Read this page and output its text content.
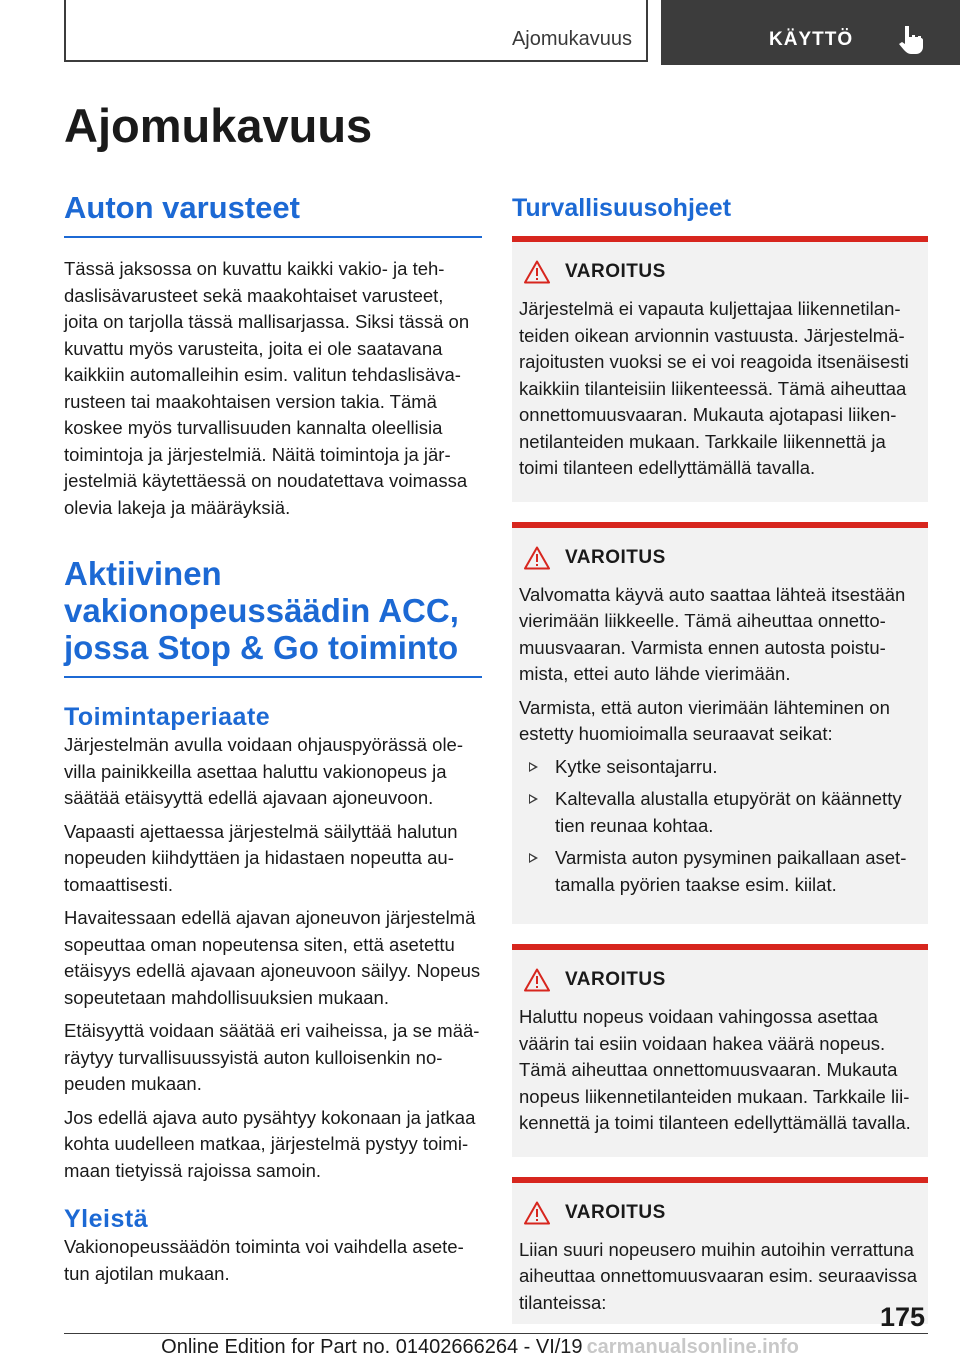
Ajomukavuus	KÄYTTÖ
Ajomukavuus
Auton varusteet

Tässä jaksossa on kuvattu kaikki vakio- ja tehdaslisävarusteet sekä maakohtaiset varusteet, joita on tarjolla tässä mallisarjassa. Siksi tässä on kuvattu myös varusteita, joita ei ole saatavana kaikkiin automalleihin esim. valitun tehdaslisävarusteen tai maakohtaisen version takia. Tämä koskee myös turvallisuuden kannalta oleellisia toimintoja ja järjestelmiä. Näitä toimintoja ja järjestelmiä käytettäessä on noudatettava voimassa olevia lakeja ja määräyksiä.

Aktiivinen vakionopeussäädin ACC, jossa Stop & Go toiminto
Toimintaperiaate

Järjestelmän avulla voidaan ohjauspyörässä olevilla painikkeilla asettaa haluttu vakionopeus ja säätää etäisyyttä edellä ajavaan ajoneuvoon.

Vapaasti ajettaessa järjestelmä säilyttää halutun nopeuden kiihdyttäen ja hidastaen nopeutta automaattisesti.

Havaitessaan edellä ajavan ajoneuvon järjestelmä sopeuttaa oman nopeutensa siten, että asetettu etäisyys edellä ajavaan ajoneuvoon säilyy. Nopeus sopeutetaan mahdollisuuksien mukaan.

Etäisyyttä voidaan säätää eri vaiheissa, ja se määräytyy turvallisuussyistä auton kulloisenkin nopeuden mukaan.

Jos edellä ajava auto pysähtyy kokonaan ja jatkaa kohta uudelleen matkaa, järjestelmä pystyy toimimaan tietyissä rajoissa samoin.

Yleistä

Vakionopeussäädön toiminta voi vaihdella asetetun ajotilan mukaan.

Turvallisuusohjeet
VAROITUS

Järjestelmä ei vapauta kuljettajaa liikennetilanteiden oikean arvionnin vastuusta. Järjestelmärajoitusten vuoksi se ei voi reagoida itsenäisesti kaikkiin tilanteisiin liikenteessä. Tämä aiheuttaa onnettomuusvaaran. Mukauta ajotapasi liikennetilanteiden mukaan. Tarkkaile liikennettä ja toimi tilanteen edellyttämällä tavalla.

VAROITUS

Valvomatta käyvä auto saattaa lähteä itsestään vierimään liikkeelle. Tämä aiheuttaa onnettomuusvaaran. Varmista ennen autosta poistumista, ettei auto lähde vierimään.

Varmista, että auton vierimään lähteminen on estetty huomioimalla seuraavat seikat:

Kytke seisontajarru.
Kaltevalla alustalla etupyörät on käännetty tien reunaa kohtaa.
Varmista auton pysyminen paikallaan asettamalla pyörien taakse esim. kiilat.
VAROITUS

Haluttu nopeus voidaan vahingossa asettaa väärin tai esiin voidaan hakea väärä nopeus. Tämä aiheuttaa onnettomuusvaaran. Mukauta nopeus liikennetilanteiden mukaan. Tarkkaile liikennettä ja toimi tilanteen edellyttämällä tavalla.

VAROITUS

Liian suuri nopeusero muihin autoihin verrattuna aiheuttaa onnettomuusvaaran esim. seuraavissa tilanteissa:	175
Online Edition for Part no. 01402666264 - VI/19 carmanualsonline.info
